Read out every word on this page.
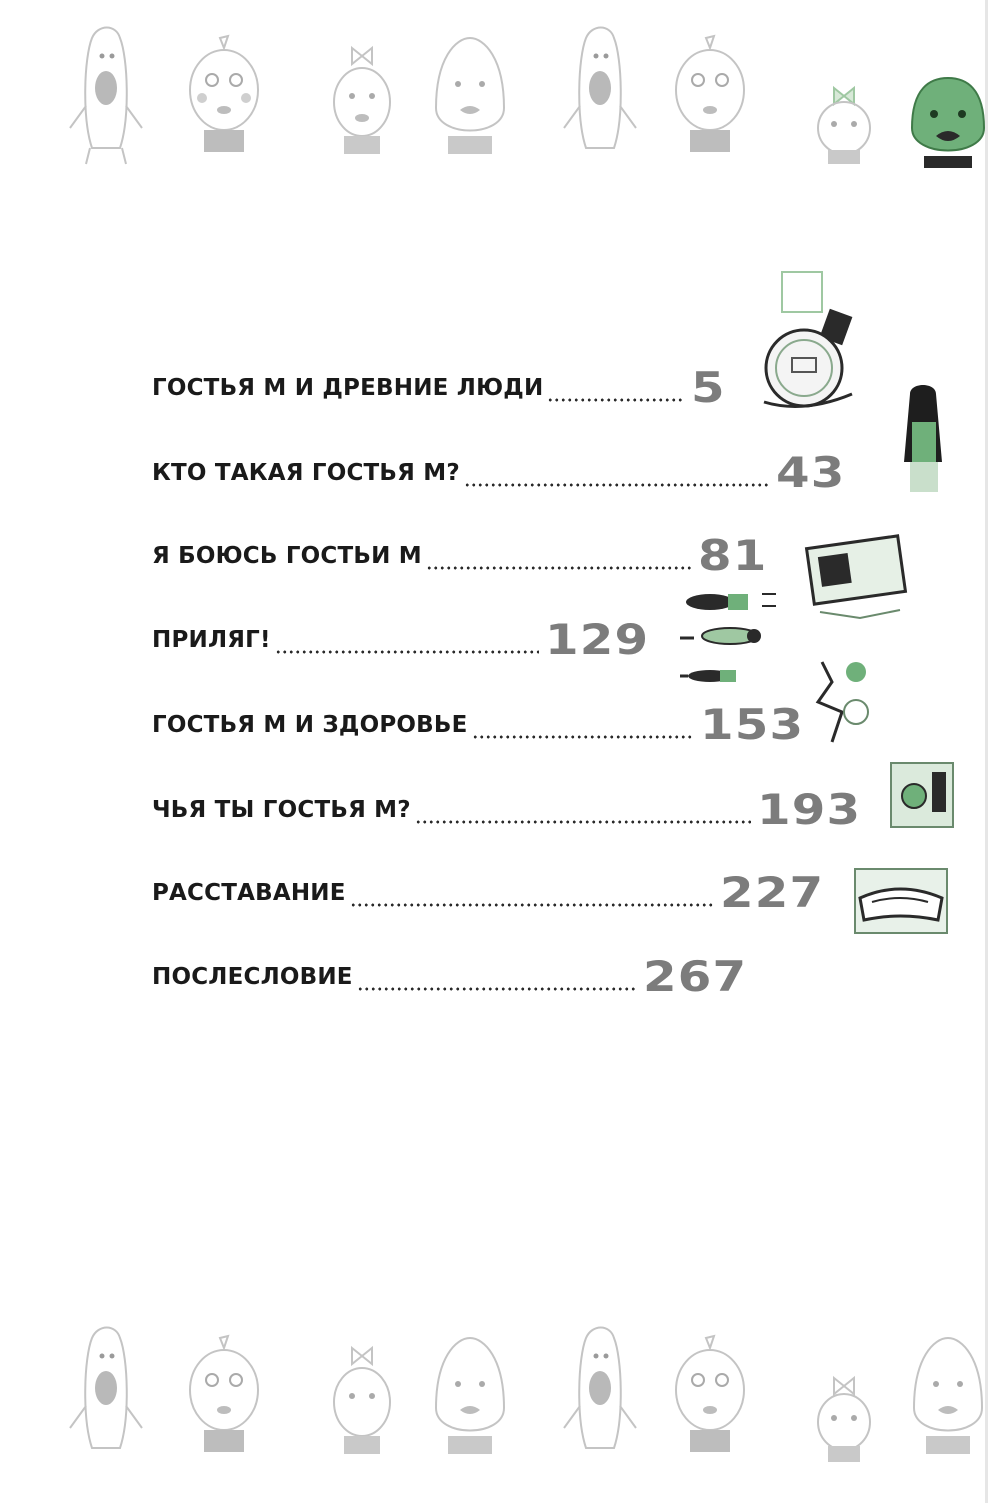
ГОСТЬЯ М И ДРЕВНИЕ ЛЮДИ	5
КТО ТАКАЯ ГОСТЬЯ М?	43
Я БОЮСЬ ГОСТЬИ М	81
ПРИЛЯГ!	129
ГОСТЬЯ М И ЗДОРОВЬЕ	153
ЧЬЯ ТЫ ГОСТЬЯ М?	193
РАССТАВАНИЕ	227
ПОСЛЕСЛОВИЕ	267
